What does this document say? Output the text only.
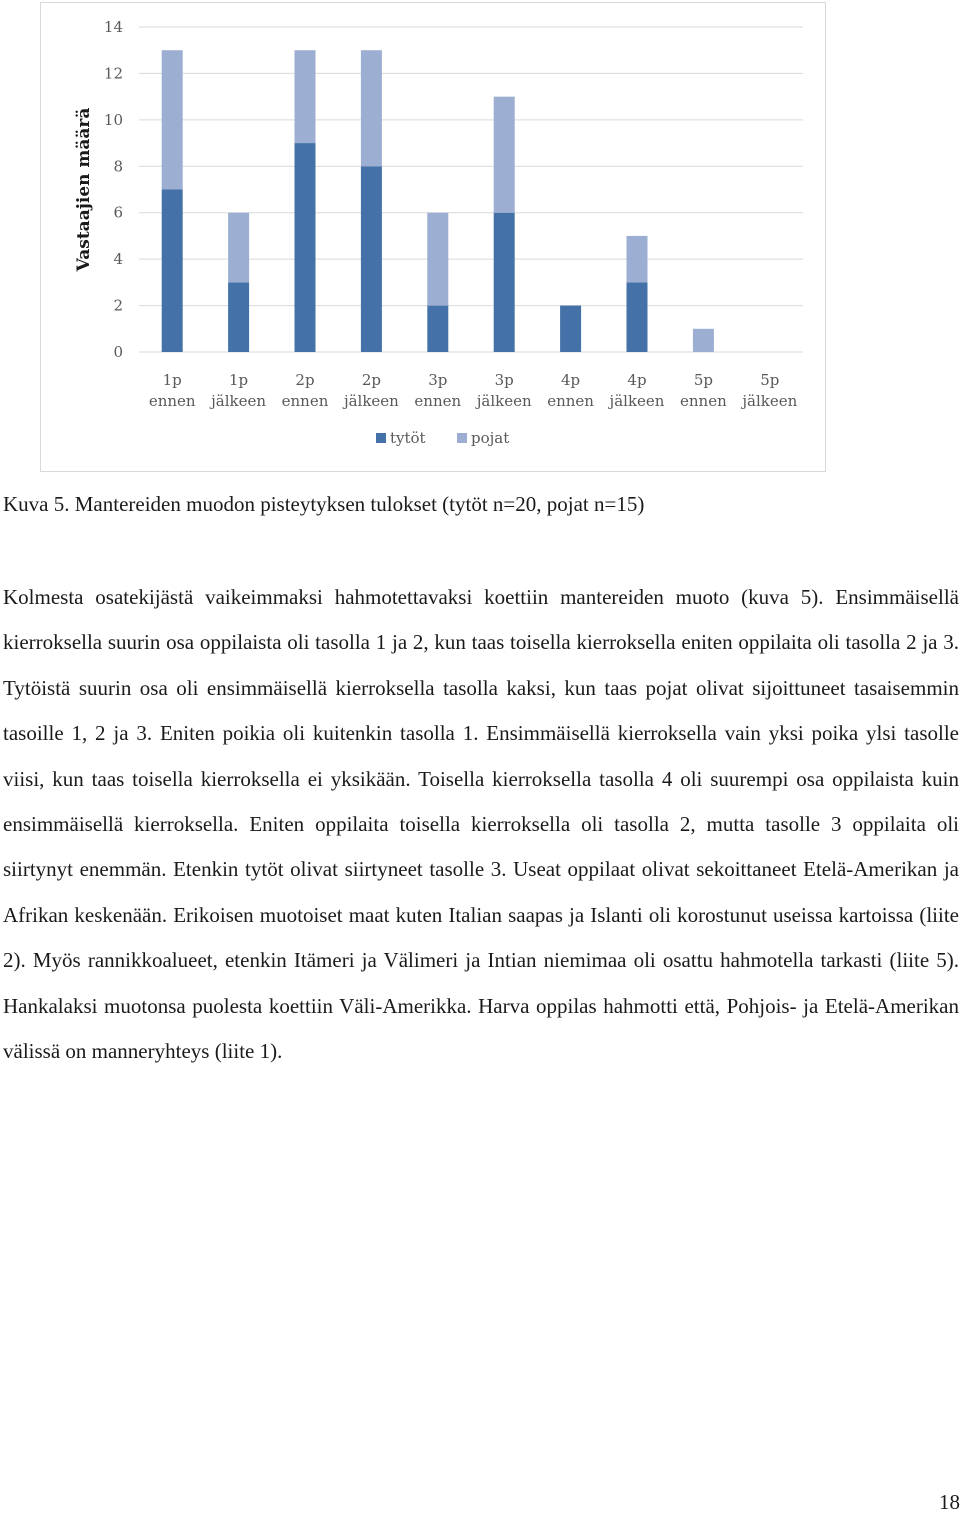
0
2
4
6
8
10
12
14
Vastaajien määrä
1p
ennen
1p
jälkeen
2p
ennen
2p
jälkeen
3p
ennen
3p
jälkeen
4p
ennen
4p
jälkeen
5p
ennen
5p
jälkeen
tytöt	pojat
Kuva 5. Mantereiden muodon pisteytyksen tulokset (tytöt n=20, pojat n=15)

Kolmesta osatekijästä vaikeimmaksi hahmotettavaksi koettiin mantereiden muoto (kuva 5). Ensimmäisellä kierroksella suurin osa oppilaista oli tasolla 1 ja 2, kun taas toisella kierroksella eniten oppilaita oli tasolla 2 ja 3. Tytöistä suurin osa oli ensimmäisellä kierroksella tasolla kaksi, kun taas pojat olivat sijoittuneet tasaisemmin tasoille 1, 2 ja 3. Eniten poikia oli kuitenkin tasolla 1. Ensimmäisellä kierroksella vain yksi poika ylsi tasolle viisi, kun taas toisella kierroksella ei yksikään. Toisella kierroksella tasolla 4 oli suurempi osa oppilaista kuin ensimmäisellä kierroksella. Eniten oppilaita toisella kierroksella oli tasolla 2, mutta tasolle 3 oppilaita oli siirtynyt enemmän. Etenkin tytöt olivat siirtyneet tasolle 3. Useat oppilaat olivat sekoittaneet Etelä-Amerikan ja Afrikan keskenään. Erikoisen muotoiset maat kuten Italian saapas ja Islanti oli korostunut useissa kartoissa (liite 2). Myös rannikkoalueet, etenkin Itämeri ja Välimeri ja Intian niemimaa oli osattu hahmotella tarkasti (liite 5). Hankalaksi muotonsa puolesta koettiin Väli-Amerikka. Harva oppilas hahmotti että, Pohjois- ja Etelä-Amerikan välissä on manneryhteys (liite 1).

18
